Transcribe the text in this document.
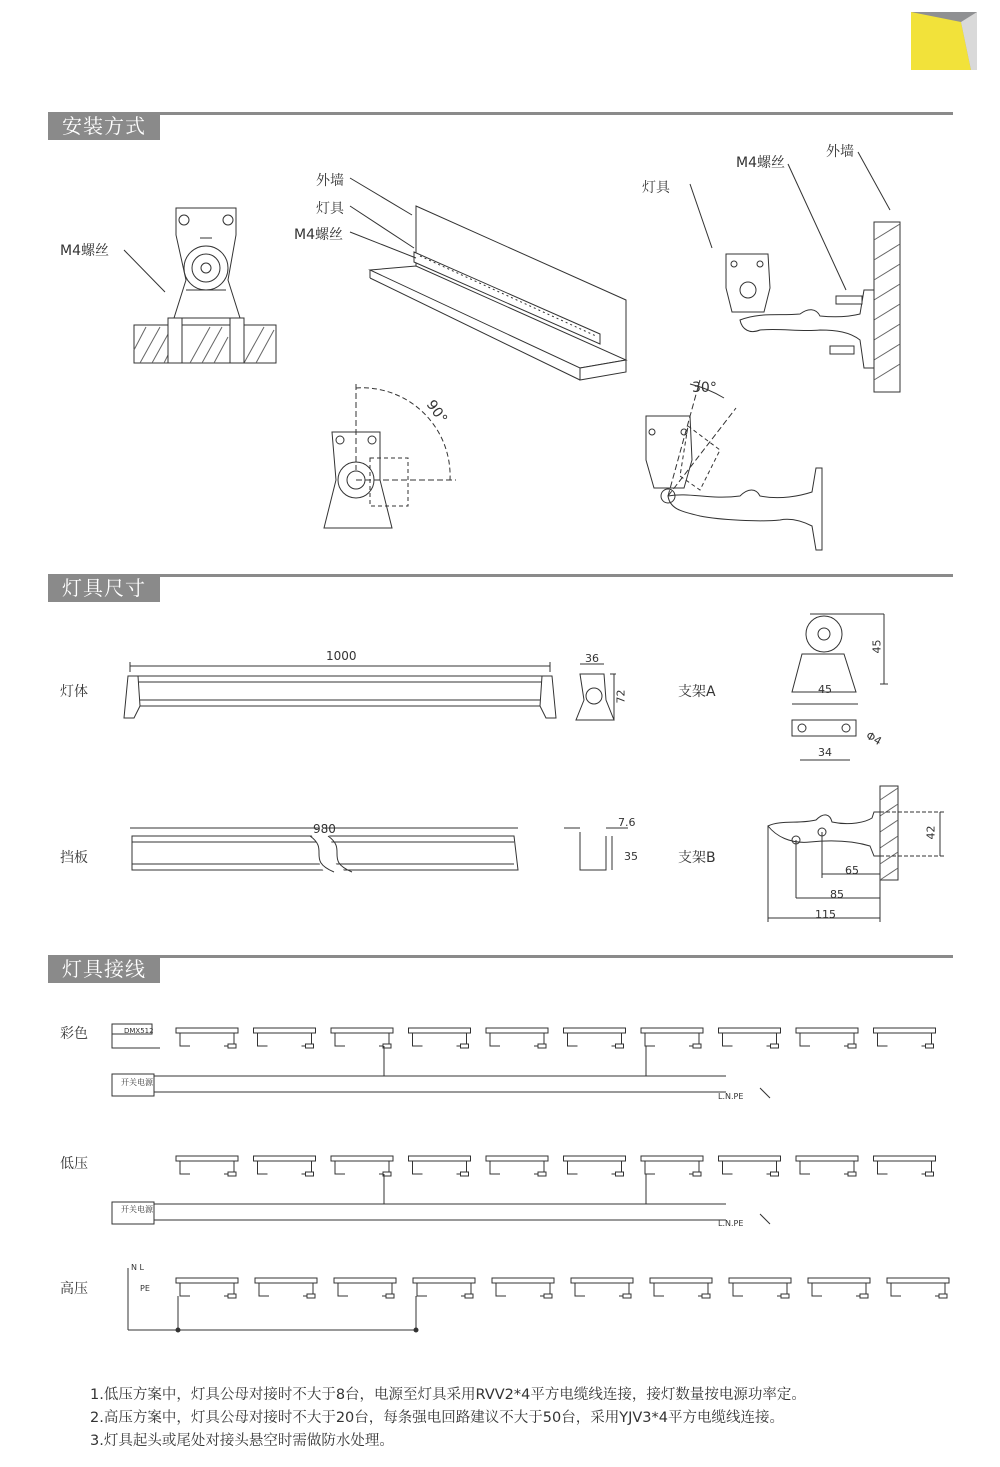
安装方式
M4螺丝
外墙
灯具
M4螺丝
灯具
M4螺丝
外墙
90°
30°
灯具尺寸
灯体
挡板
支架A
支架B
1000	36
72
980	7.6
35
45
45
34
Φ4
42
65
85
115
灯具接线
彩色
低压
高压
DMX512
开关电源
开关电源
L.N.PE
L.N.PE
N L
PE
1.低压方案中，灯具公母对接时不大于8台，电源至灯具采用RVV2*4平方电缆线连接，接灯数量按电源功率定。
2.高压方案中，灯具公母对接时不大于20台，每条强电回路建议不大于50台，采用YJV3*4平方电缆线连接。
3.灯具起头或尾处对接头悬空时需做防水处理。
